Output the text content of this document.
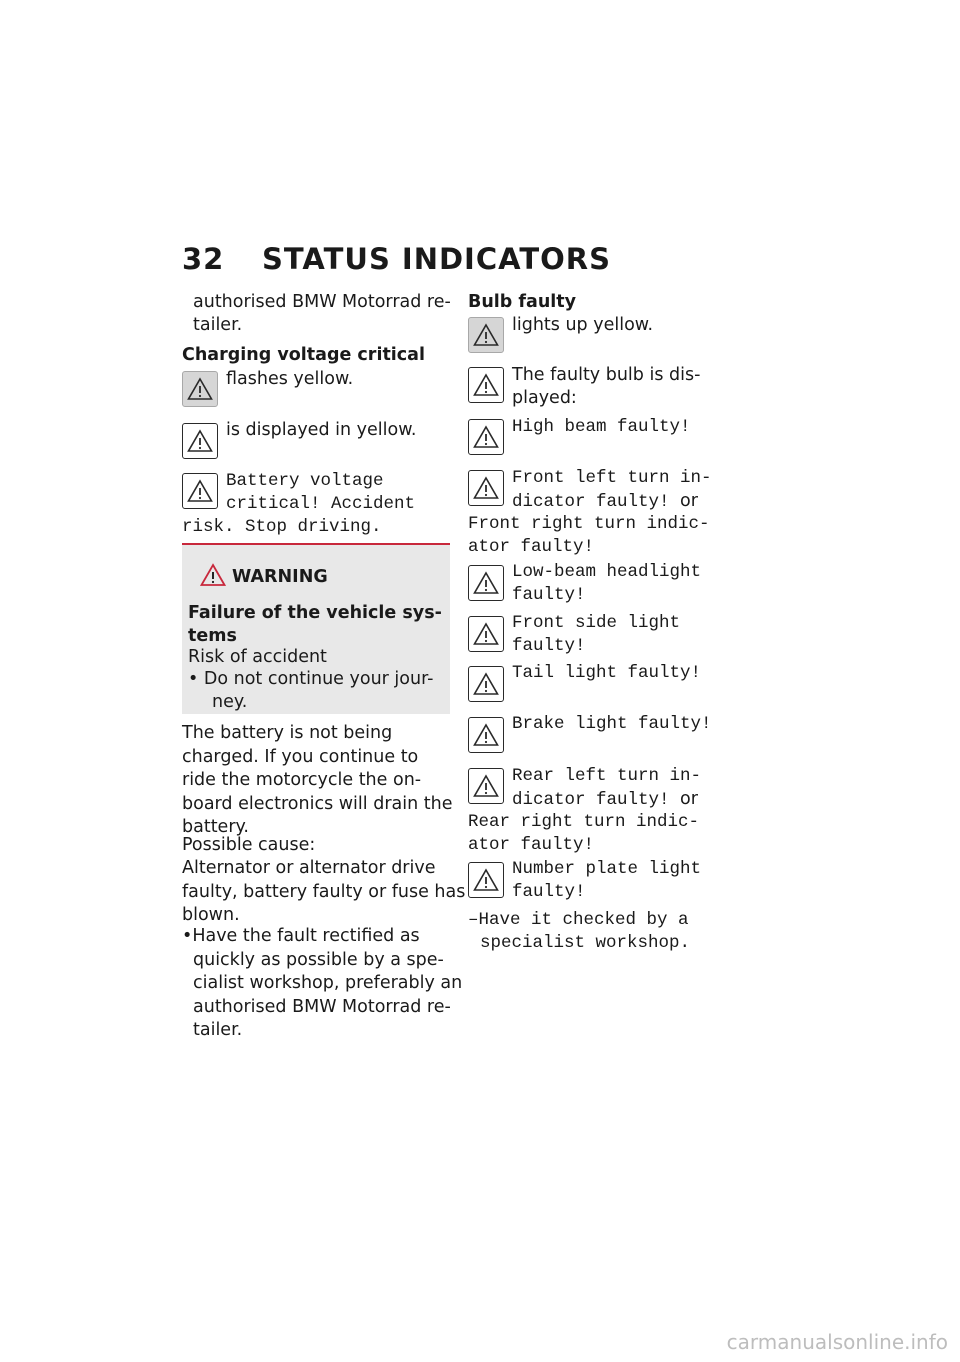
32 STATUS INDICATORS
authorised BMW Motorrad re-
tailer.
Charging voltage critical
flashes yellow.
is displayed in yellow.
Battery voltage
critical! Accident
risk. Stop driving.
WARNING
Failure of the vehicle sys-
tems
Risk of accident
• Do not continue your jour-
ney.
The battery is not being
charged. If you continue to
ride the motorcycle the on-
board electronics will drain the
battery.
Possible cause:
Alternator or alternator drive
faulty, battery faulty or fuse has
blown.
•Have the fault rectified as
quickly as possible by a spe-
cialist workshop, preferably an
authorised BMW Motorrad re-
tailer.
Bulb faulty
lights up yellow.
The faulty bulb is dis-
played:
High beam faulty!
Front left turn in-
dicator faulty! or
Front right turn indic-
ator faulty!
Low-beam headlight
faulty!
Front side light
faulty!
Tail light faulty!
Brake light faulty!
Rear left turn in-
dicator faulty! or
Rear right turn indic-
ator faulty!
Number plate light
faulty!
–Have it checked by a
specialist workshop.
carmanualsonline.info
